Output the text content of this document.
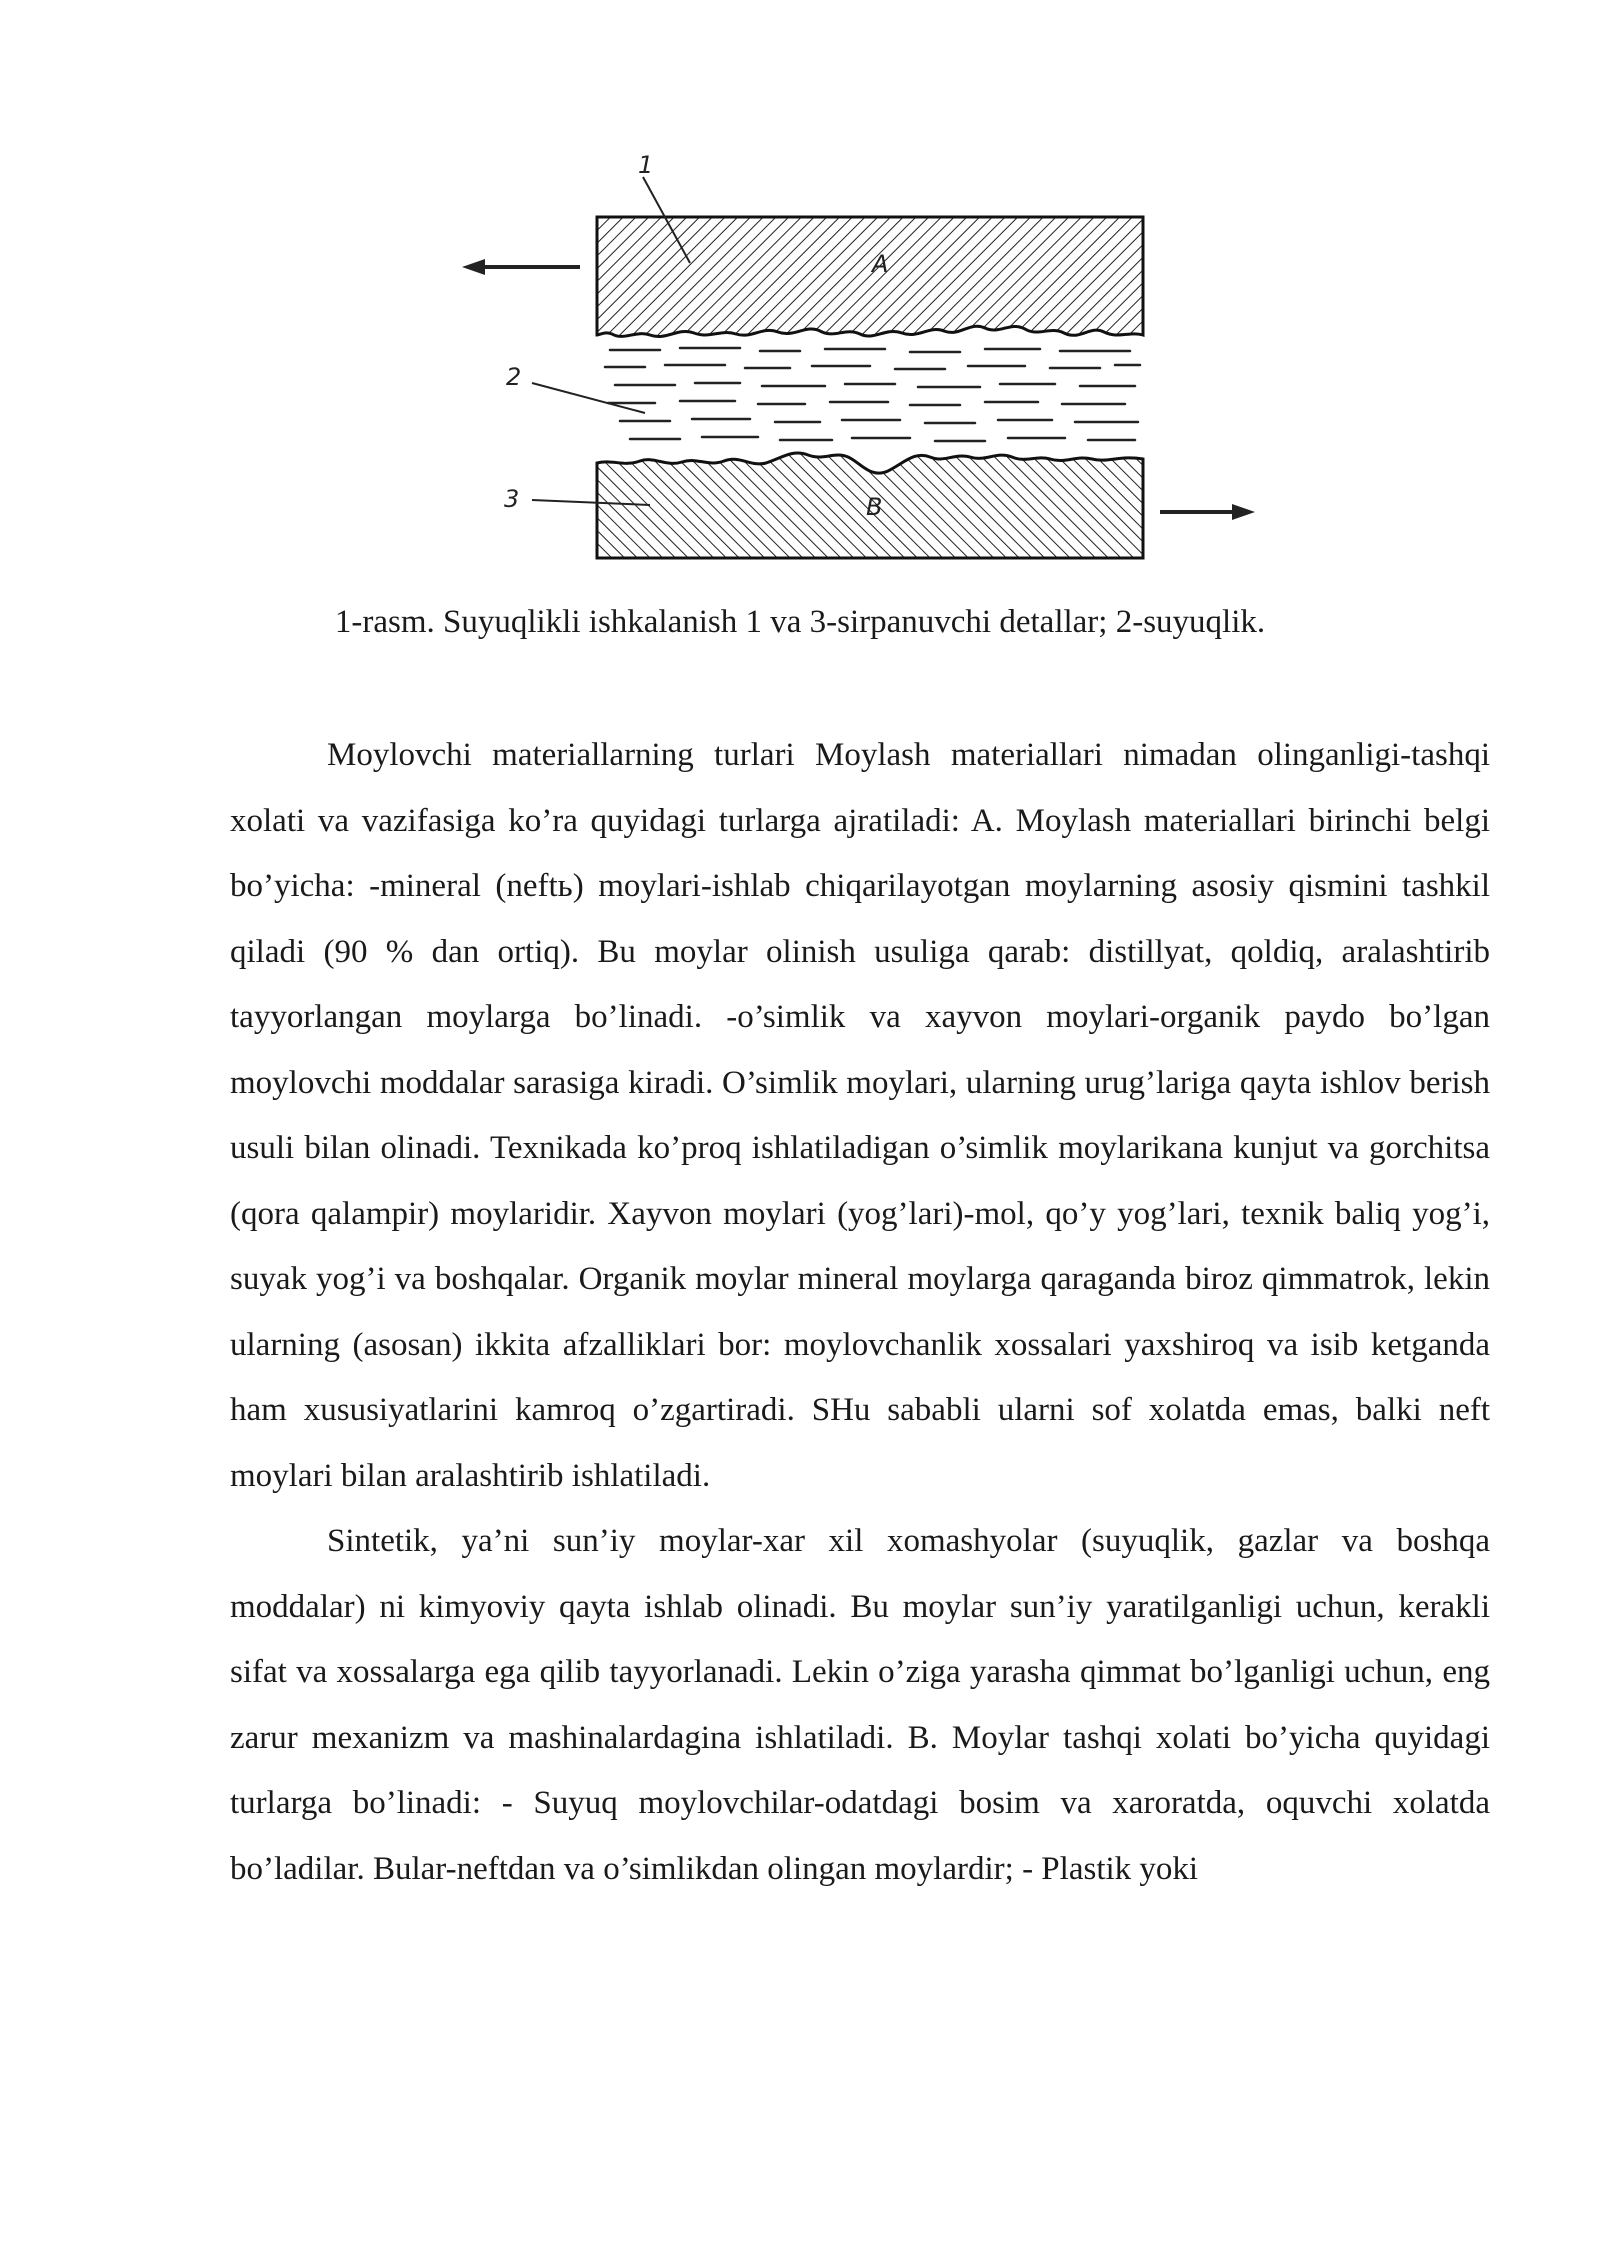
1
2
3
A
B
1-rasm. Suyuqlikli ishkalanish 1 va 3-sirpanuvchi detallar; 2-suyuqlik.

Moylovchi materiallarning turlari Moylash materiallari nimadan olinganligi-tashqi xolati va vazifasiga ko’ra quyidagi turlarga ajratiladi: A. Moylash materiallari birinchi belgi bo’yicha: -mineral (neftь) moylari-ishlab chiqarilayotgan moylarning asosiy qismini tashkil qiladi (90 % dan ortiq). Bu moylar olinish usuliga qarab: distillyat, qoldiq, aralashtirib tayyorlangan moylarga bo’linadi. -o’simlik va xayvon moylari-organik paydo bo’lgan moylovchi moddalar sarasiga kiradi. O’simlik moylari, ularning urug’lariga qayta ishlov berish usuli bilan olinadi. Texnikada ko’proq ishlatiladigan o’simlik moylarikana kunjut va gorchitsa (qora qalampir) moylaridir. Xayvon moylari (yog’lari)-mol, qo’y yog’lari, texnik baliq yog’i, suyak yog’i va boshqalar. Organik moylar mineral moylarga qaraganda biroz qimmatrok, lekin ularning (asosan) ikkita afzalliklari bor: moylovchanlik xossalari yaxshiroq va isib ketganda ham xususiyatlarini kamroq o’zgartiradi. SHu sababli ularni sof xolatda emas, balki neft moylari bilan aralashtirib ishlatiladi.

Sintetik, ya’ni sun’iy moylar-xar xil xomashyolar (suyuqlik, gazlar va boshqa moddalar) ni kimyoviy qayta ishlab olinadi. Bu moylar sun’iy yaratilganligi uchun, kerakli sifat va xossalarga ega qilib tayyorlanadi. Lekin o’ziga yarasha qimmat bo’lganligi uchun, eng zarur mexanizm va mashinalardagina ishlatiladi. B. Moylar tashqi xolati bo’yicha quyidagi turlarga bo’linadi: - Suyuq moylovchilar-odatdagi bosim va xaroratda, oquvchi xolatda bo’ladilar. Bular-neftdan va o’simlikdan olingan moylardir; - Plastik yoki
